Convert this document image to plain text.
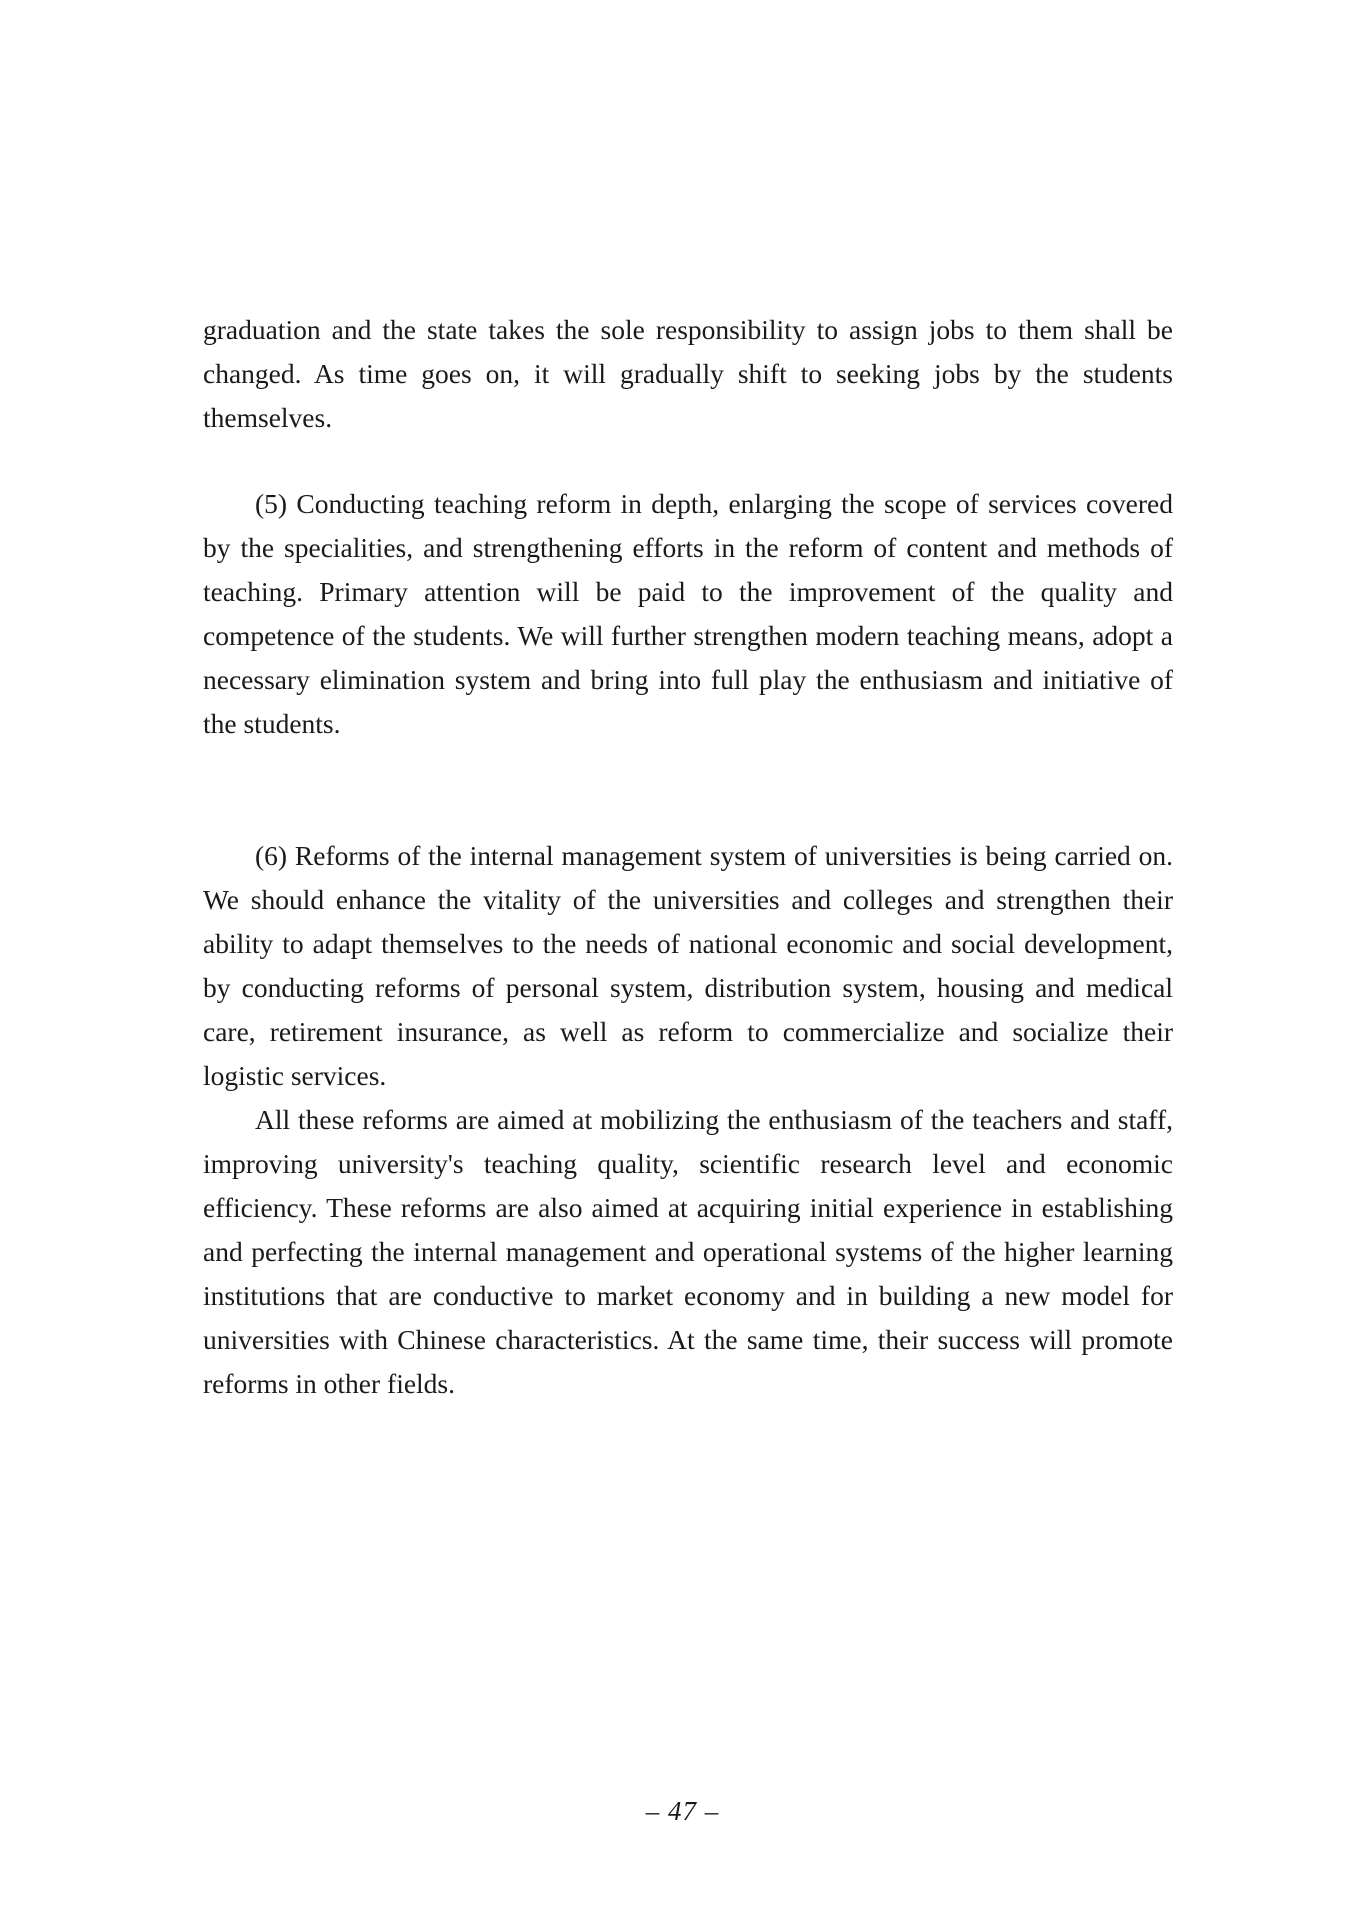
graduation and the state takes the sole responsibility to assign jobs to them shall be changed. As time goes on, it will gradually shift to seeking jobs by the students themselves.

(5) Conducting teaching reform in depth, enlarging the scope of services covered by the specialities, and strengthening efforts in the reform of content and methods of teaching. Primary attention will be paid to the improvement of the quality and competence of the students. We will further strengthen modern teaching means, adopt a necessary elimination system and bring into full play the enthusiasm and initiative of the students.

(6) Reforms of the internal management system of universities is being carried on. We should enhance the vitality of the universities and colleges and strengthen their ability to adapt themselves to the needs of national economic and social development, by conducting reforms of personal system, distribution system, housing and medical care, retirement insurance, as well as reform to commercialize and socialize their logistic services.

All these reforms are aimed at mobilizing the enthusiasm of the teachers and staff, improving university's teaching quality, scientific research level and economic efficiency. These reforms are also aimed at acquiring initial experience in establishing and perfecting the internal management and operational systems of the higher learning institutions that are conductive to market economy and in building a new model for universities with Chinese characteristics. At the same time, their success will promote reforms in other fields.

– 47 –
